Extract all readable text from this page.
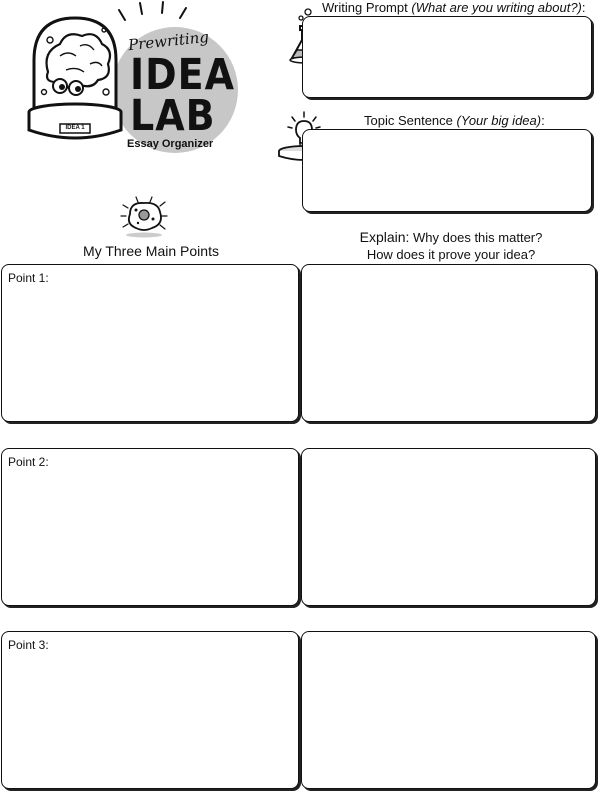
IDEA 1
Prewriting
IDEA
LAB
Essay Organizer
Writing Prompt (What are you writing about?):
Topic Sentence (Your big idea):
My Three Main Points
Explain: Why does this matter?
How does it prove your idea?
Point 1:
Point 2:
Point 3:
